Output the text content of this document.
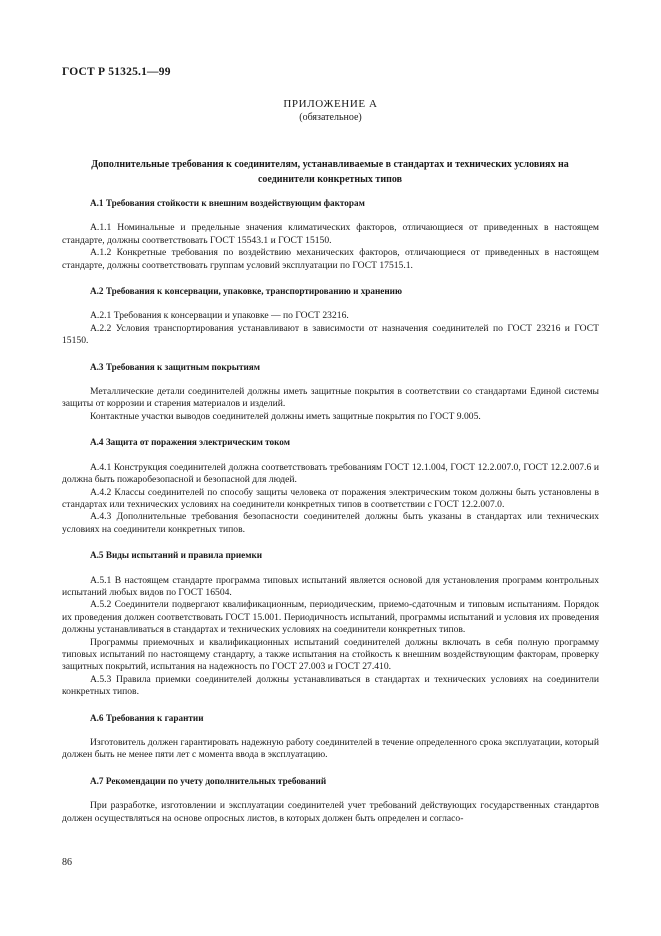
ГОСТ Р 51325.1—99
ПРИЛОЖЕНИЕ А
(обязательное)
Дополнительные требования к соединителям, устанавливаемые в стандартах и технических условиях на соединители конкретных типов
А.1 Требования стойкости к внешним воздействующим факторам

А.1.1 Номинальные и предельные значения климатических факторов, отличающиеся от приведенных в настоящем стандарте, должны соответствовать ГОСТ 15543.1 и ГОСТ 15150.

А.1.2 Конкретные требования по воздействию механических факторов, отличающиеся от приведенных в настоящем стандарте, должны соответствовать группам условий эксплуатации по ГОСТ 17515.1.

А.2 Требования к консервации, упаковке, транспортированию и хранению

А.2.1 Требования к консервации и упаковке — по ГОСТ 23216.

А.2.2 Условия транспортирования устанавливают в зависимости от назначения соединителей по ГОСТ 23216 и ГОСТ 15150.

А.3 Требования к защитным покрытиям

Металлические детали соединителей должны иметь защитные покрытия в соответствии со стандартами Единой системы защиты от коррозии и старения материалов и изделий.

Контактные участки выводов соединителей должны иметь защитные покрытия по ГОСТ 9.005.

А.4 Защита от поражения электрическим током

А.4.1 Конструкция соединителей должна соответствовать требованиям ГОСТ 12.1.004, ГОСТ 12.2.007.0, ГОСТ 12.2.007.6 и должна быть пожаробезопасной и безопасной для людей.

А.4.2 Классы соединителей по способу защиты человека от поражения электрическим током должны быть установлены в стандартах или технических условиях на соединители конкретных типов в соответствии с ГОСТ 12.2.007.0.

А.4.3 Дополнительные требования безопасности соединителей должны быть указаны в стандартах или технических условиях на соединители конкретных типов.

А.5 Виды испытаний и правила приемки

А.5.1 В настоящем стандарте программа типовых испытаний является основой для установления программ контрольных испытаний любых видов по ГОСТ 16504.

А.5.2 Соединители подвергают квалификационным, периодическим, приемо-сдаточным и типовым испытаниям. Порядок их проведения должен соответствовать ГОСТ 15.001. Периодичность испытаний, программы испытаний и условия их проведения должны устанавливаться в стандартах и технических условиях на соединители конкретных типов.

Программы приемочных и квалификационных испытаний соединителей должны включать в себя полную программу типовых испытаний по настоящему стандарту, а также испытания на стойкость к внешним воздействующим факторам, проверку защитных покрытий, испытания на надежность по ГОСТ 27.003 и ГОСТ 27.410.

А.5.3 Правила приемки соединителей должны устанавливаться в стандартах и технических условиях на соединители конкретных типов.

А.6 Требования к гарантии

Изготовитель должен гарантировать надежную работу соединителей в течение определенного срока эксплуатации, который должен быть не менее пяти лет с момента ввода в эксплуатацию.

А.7 Рекомендации по учету дополнительных требований

При разработке, изготовлении и эксплуатации соединителей учет требований действующих государственных стандартов должен осуществляться на основе опросных листов, в которых должен быть определен и согласо-

86
